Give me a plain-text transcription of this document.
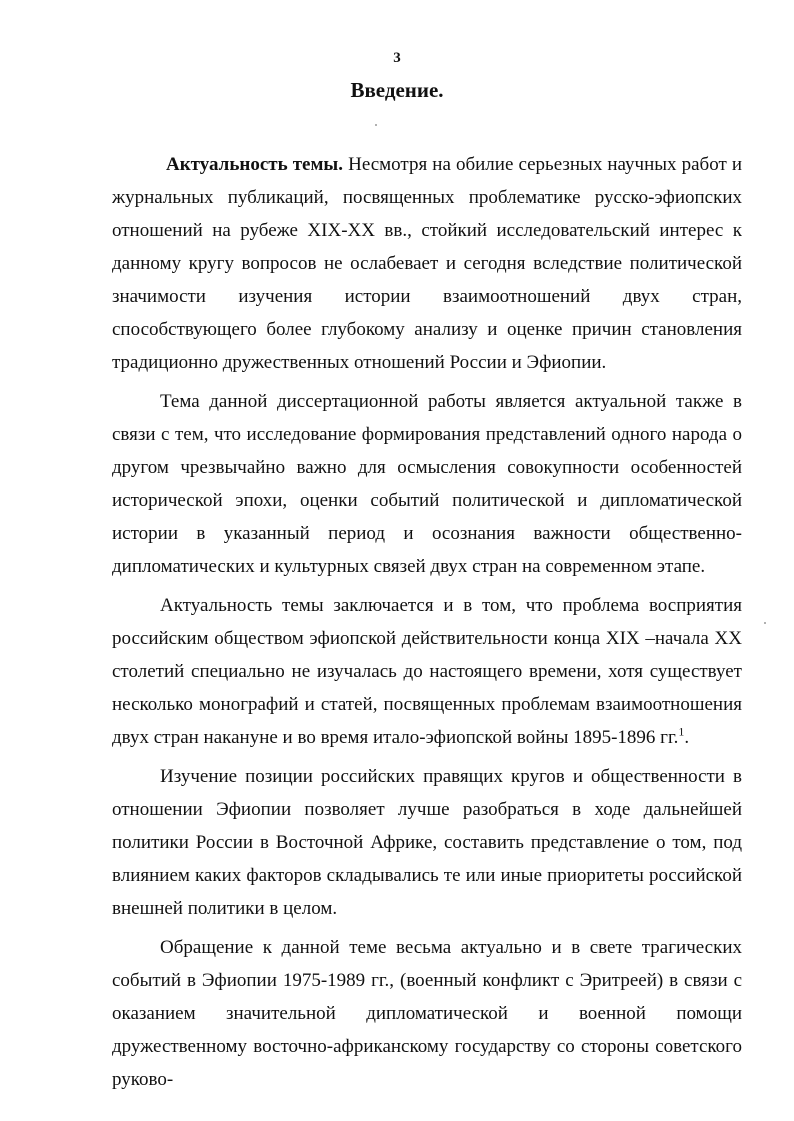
3
Введение.

Актуальность темы. Несмотря на обилие серьезных научных работ и журнальных публикаций, посвященных проблематике русско-эфиопских отношений на рубеже XIX-XX вв., стойкий исследовательский интерес к данному кругу вопросов не ослабевает и сегодня вследствие политической значимости изучения истории взаимоотношений двух стран, способствующего более глубокому анализу и оценке причин становления традиционно дружественных отношений России и Эфиопии.

Тема данной диссертационной работы является актуальной также в связи с тем, что исследование формирования представлений одного народа о другом чрезвычайно важно для осмысления совокупности особенностей исторической эпохи, оценки событий политической и дипломатической истории в указанный период и осознания важности общественно-дипломатических и культурных связей двух стран на современном этапе.

Актуальность темы заключается и в том, что проблема восприятия российским обществом эфиопской действительности конца XIX –начала XX столетий специально не изучалась до настоящего времени, хотя существует несколько монографий и статей, посвященных проблемам взаимоотношения двух стран накануне и во время итало-эфиопской войны 1895-1896 гг.$^1$.

Изучение позиции российских правящих кругов и общественности в отношении Эфиопии позволяет лучше разобраться в ходе дальнейшей политики России в Восточной Африке, составить представление о том, под влиянием каких факторов складывались те или иные приоритеты российской внешней политики в целом.

Обращение к данной теме весьма актуально и в свете трагических событий в Эфиопии 1975-1989 гг., (военный конфликт с Эритреей) в связи с оказанием значительной дипломатической и военной помощи дружественному восточно-африканскому государству со стороны советского руково-
